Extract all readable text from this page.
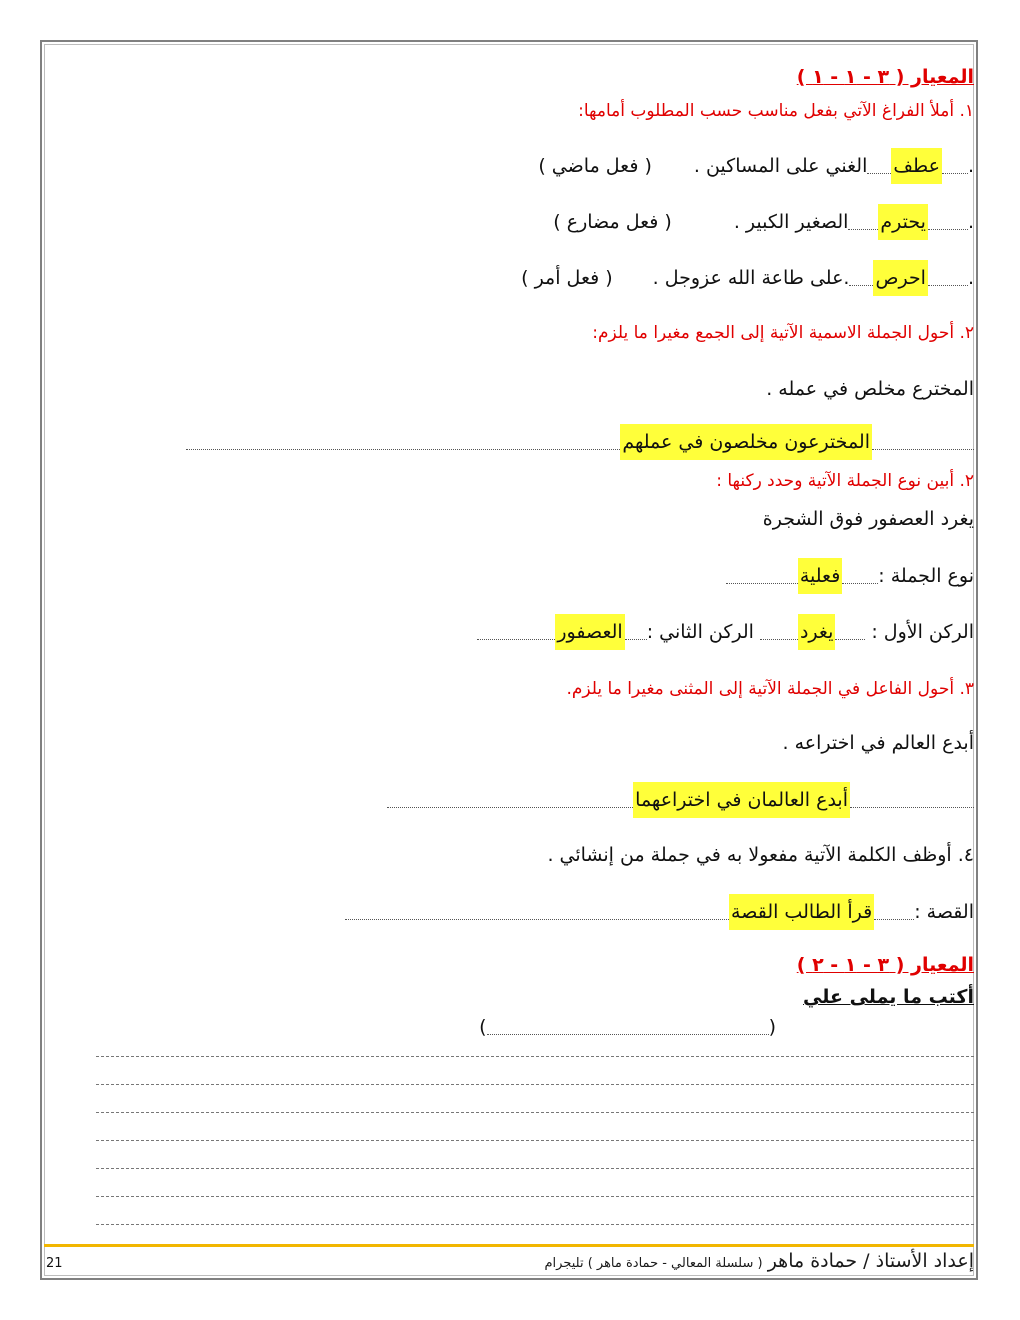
المعيار ( ٣ - ١ - ١ )
١. أملأ الفراغ الآتي بفعل مناسب حسب المطلوب أمامها:
.عطفالغني على المساكين .( فعل ماضي )
.يحترمالصغير الكبير .( فعل مضارع )
.احرص.على طاعة الله عزوجل .( فعل أمر )
٢. أحول الجملة الاسمية الآتية إلى الجمع مغيرا ما يلزم:
المخترع مخلص في عمله .
المخترعون مخلصون في عملهم
٢. أبين نوع الجملة الآتية وحدد ركنها :
يغرد العصفور فوق الشجرة
نوع الجملة :فعلية
الركن الأول :يغردالركن الثاني :العصفور
٣. أحول الفاعل في الجملة الآتية إلى المثنى مغيرا ما يلزم.
أبدع العالم في اختراعه .
أبدع العالمان في اختراعهما
٤. أوظف الكلمة الآتية مفعولا به في جملة من إنشائي .
القصة :قرأ الطالب القصة
المعيار ( ٣ - ١ - ٢ )
أكتب ما يملى علي
()
إعداد الأستاذ / حمادة ماهر ( سلسلة المعالي - حمادة ماهر ) تليجرام
21
